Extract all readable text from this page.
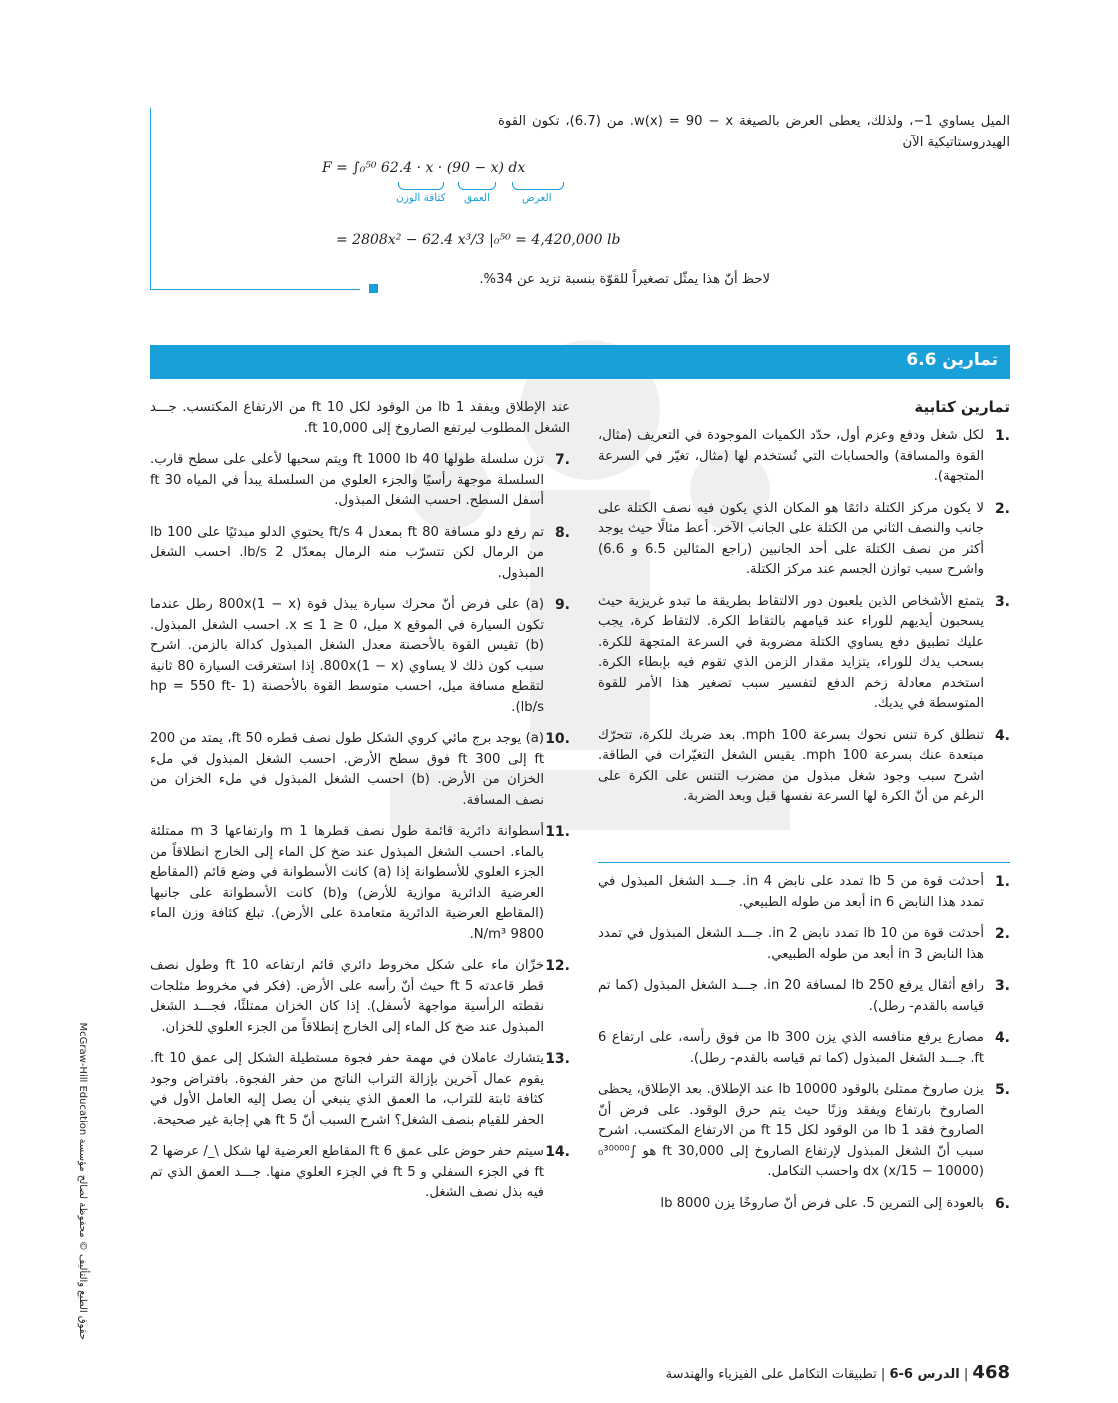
الميل يساوي 1−، ولذلك، يعطى العرض بالصيغة w(x) = 90 − x. من (6.7)، تكون القوة الهيدروستاتيكية الآن
F = ∫₀⁵⁰ 62.4 · x · (90 − x) dx
كثافة الوزن العمق	العرض
= 2808x² − 62.4 x³/3 |₀⁵⁰ = 4,420,000 lb
لاحظ أنّ هذا يمثّل تصغيراً للقوّة بنسبة تزيد عن 34%.
تمارين 6.6
تمارين كتابية
1.
لكل شغل ودفع وعزم أول، حدّد الكميات الموجودة في التعريف (مثال، القوة والمسافة) والحسابات التي تُستخدم لها (مثال، تغيّر في السرعة المتجهة).
2.
لا يكون مركز الكتلة دائمًا هو المكان الذي يكون فيه نصف الكتلة على جانب والنصف الثاني من الكتلة على الجانب الآخر. أعط مثالًا حيث يوجد أكثر من نصف الكتلة على أحد الجانبين (راجع المثالين 6.5 و 6.6) واشرح سبب توازن الجسم عند مركز الكتلة.
3.
يتمتع الأشخاص الذين يلعبون دور الالتقاط بطريقة ما تبدو غريزية حيث يسحبون أيديهم للوراء عند قيامهم بالتقاط الكرة. لالتقاط كرة، يجب عليك تطبيق دفع يساوي الكتلة مضروبة في السرعة المتجهة للكرة. بسحب يدك للوراء، يتزايد مقدار الزمن الذي تقوم فيه بإبطاء الكرة. استخدم معادلة زخم الدفع لتفسير سبب تصغير هذا الأمر للقوة المتوسطة في يديك.
4.
تنطلق كرة تنس نحوك بسرعة 100 mph. بعد ضربك للكرة، تتحرّك مبتعدة عنك بسرعة 100 mph. يقيس الشغل التغيّرات في الطاقة. اشرح سبب وجود شغل مبذول من مضرب التنس على الكرة على الرغم من أنّ الكرة لها السرعة نفسها قبل وبعد الضربة.
1.
أحدثت قوة من 5 lb تمدد على نابض 4 in. جـــد الشغل المبذول في تمدد هذا النابض 6 in أبعد من طوله الطبيعي.
2.
أحدثت قوة من 10 lb تمدد نابض 2 in. جـــد الشغل المبذول في تمدد هذا النابض 3 in أبعد من طوله الطبيعي.
3.
رافع أثقال يرفع 250 lb لمسافة 20 in. جـــد الشغل المبذول (كما تم قياسه بالقدم- رطل).
4.
مصارع يرفع منافسه الذي يزن 300 lb من فوق رأسه، على ارتفاع 6 ft. جـــد الشغل المبذول (كما تم قياسه بالقدم- رطل).
5.
يزن صاروخ ممتلئ بالوقود 10000 lb عند الإطلاق. بعد الإطلاق، يحظى الصاروخ بارتفاع ويفقد وزنًا حيث يتم حرق الوقود. على فرض أنّ الصاروخ فقد 1 lb من الوقود لكل 15 ft من الارتفاع المكتسب. اشرح سبب أنّ الشغل المبذول لإرتفاع الصاروخ إلى 30,000 ft هو ∫₀³⁰⁰⁰⁰ (10000 − x/15) dx واحسب التكامل.
6.
بالعودة إلى التمرين 5. على فرض أنّ صاروخًا يزن 8000 lb
عند الإطلاق ويفقد 1 lb من الوقود لكل 10 ft من الارتفاع المكتسب. جـــد الشغل المطلوب ليرتفع الصاروخ إلى 10,000 ft.
7.
تزن سلسلة طولها 40 ft 1000 lb ويتم سحبها لأعلى على سطح قارب. السلسلة موجهة رأسيًا والجزء العلوي من السلسلة يبدأ في المياه 30 ft أسفل السطح. احسب الشغل المبذول.
8.
تم رفع دلو مسافة 80 ft بمعدل 4 ft/s يحتوي الدلو مبدئيًا على 100 lb من الرمال لكن تتسرّب منه الرمال بمعدّل 2 lb/s. احسب الشغل المبذول.
9.
(a) على فرض أنّ محرك سيارة يبذل قوة 800x(1 − x) رطل عندما تكون السيارة في الموقع x ميل، 0 ≤ x ≤ 1. احسب الشغل المبذول. (b) تقيس القوة بالأحصنة معدل الشغل المبذول كدالة بالزمن. اشرح سبب كون ذلك لا يساوي 800x(1 − x). إذا استغرقت السيارة 80 ثانية لتقطع مسافة ميل، احسب متوسط القوة بالأحصنة (1 hp = 550 ft-lb/s).
10.
(a) يوجد برج مائي كروي الشكل طول نصف قطره 50 ft، يمتد من 200 ft إلى 300 ft فوق سطح الأرض. احسب الشغل المبذول في ملء الخزان من الأرض. (b) احسب الشغل المبذول في ملء الخزان من نصف المسافة.
11.
أسطوانة دائرية قائمة طول نصف قطرها 1 m وارتفاعها 3 m ممتلئة بالماء. احسب الشغل المبذول عند ضخ كل الماء إلى الخارج انطلاقاً من الجزء العلوي للأسطوانة إذا (a) كانت الأسطوانة في وضع قائم (المقاطع العرضية الدائرية موازية للأرض) و(b) كانت الأسطوانة على جانبها (المقاطع العرضية الدائرية متعامدة على الأرض). تبلغ كثافة وزن الماء 9800 N/m³.
12.
خزّان ماء على شكل مخروط دائري قائم ارتفاعه 10 ft وطول نصف قطر قاعدته 5 ft حيث أنّ رأسه على الأرض. (فكر في مخروط مثلجات نقطته الرأسية مواجهة لأسفل). إذا كان الخزان ممتلئًا، فجـــد الشغل المبذول عند ضخ كل الماء إلى الخارج إنطلاقاً من الجزء العلوي للخزان.
13.
يتشارك عاملان في مهمة حفر فجوة مستطيلة الشكل إلى عمق 10 ft. يقوم عمال آخرين بإزالة التراب الناتج من حفر الفجوة. بافتراض وجود كثافة ثابتة للتراب، ما العمق الذي ينبغي أن يصل إليه العامل الأول في الحفر للقيام بنصف الشغل؟ اشرح السبب أنّ 5 ft هي إجابة غير صحيحة.
14.
سيتم حفر حوض على عمق 6 ft المقاطع العرضية لها شكل \_/ عرضها 2 ft في الجزء السفلي و 5 ft في الجزء العلوي منها. جـــد العمق الذي تم فيه بذل نصف الشغل.
حقوق الطبع والتأليف © محفوظة لصالح مؤسسة McGraw-Hill Education
468 | الدرس 6-6 | تطبيقات التكامل على الفيزياء والهندسة
